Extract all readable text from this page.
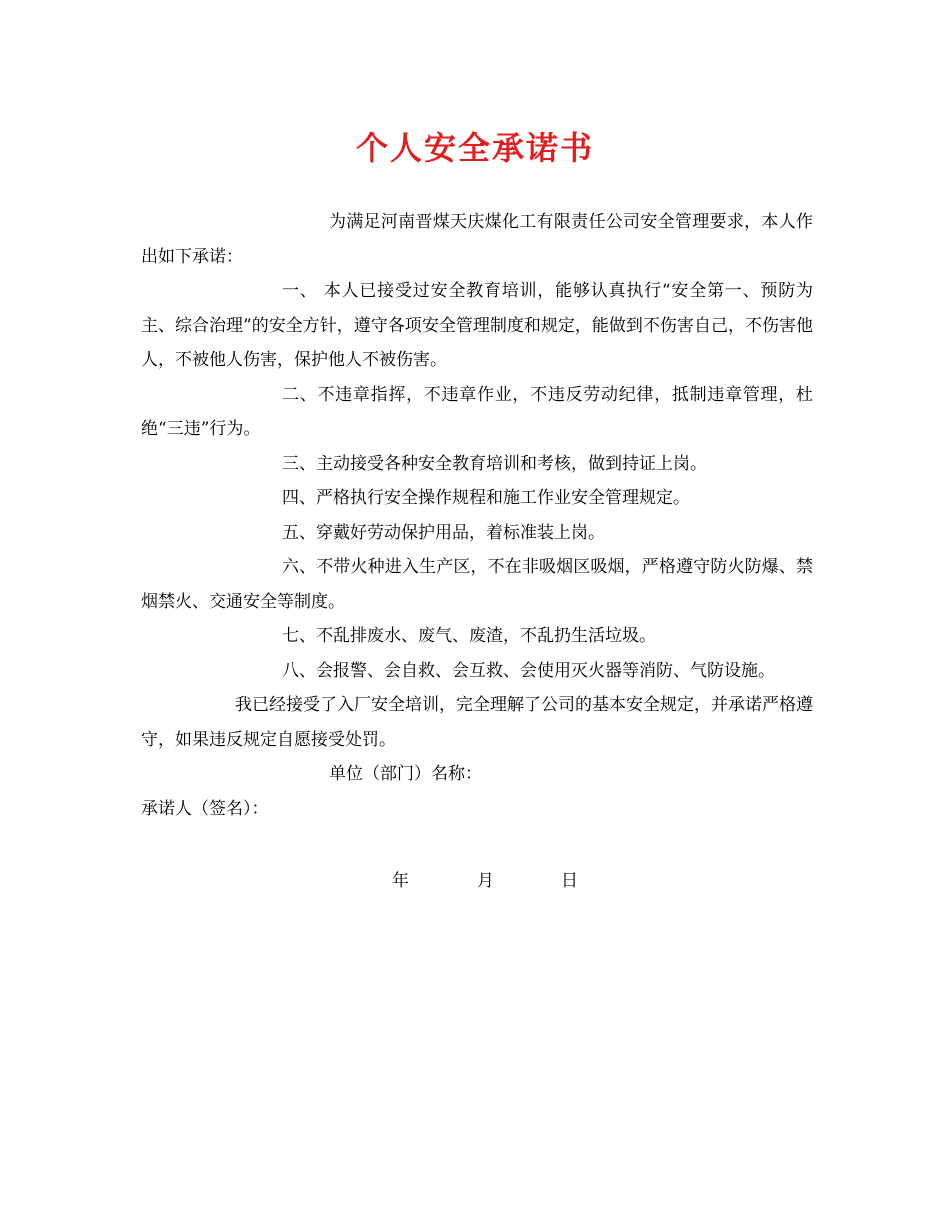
个人安全承诺书

为满足河南晋煤天庆煤化工有限责任公司安全管理要求，本人作出如下承诺：

一、 本人已接受过安全教育培训，能够认真执行“安全第一、预防为主、综合治理”的安全方针，遵守各项安全管理制度和规定，能做到不伤害自己，不伤害他人，不被他人伤害，保护他人不被伤害。

二、不违章指挥，不违章作业，不违反劳动纪律，抵制违章管理，杜绝“三违”行为。

三、主动接受各种安全教育培训和考核，做到持证上岗。

四、严格执行安全操作规程和施工作业安全管理规定。

五、穿戴好劳动保护用品，着标准装上岗。

六、不带火种进入生产区，不在非吸烟区吸烟，严格遵守防火防爆、禁烟禁火、交通安全等制度。

七、不乱排废水、废气、废渣，不乱扔生活垃圾。

八、会报警、会自救、会互救、会使用灭火器等消防、气防设施。

我已经接受了入厂安全培训，完全理解了公司的基本安全规定，并承诺严格遵守，如果违反规定自愿接受处罚。

单位（部门）名称：

承诺人（签名）：

年	月	日
